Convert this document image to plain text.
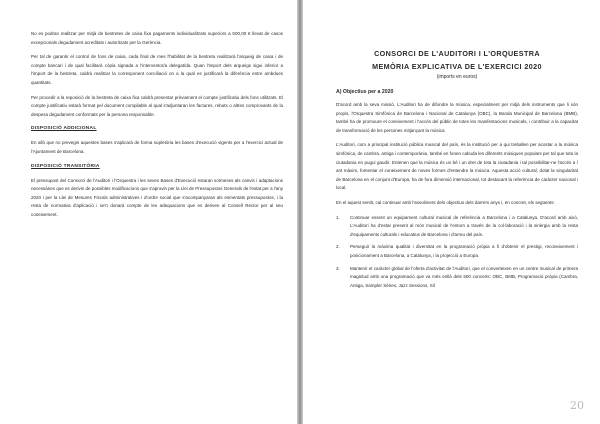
No es podran realitzar per mitjà de bestretes de caixa fixa pagaments individualitzats superiors a 500,00 € llevat de casos excepcionals degudament acreditats i autoritzats per la Gerència.

Per tal de garantir el control de fons de caixa, cada final de mes l'habilitat de la bestreta realitzarà l'arqueig de caixa i de compte bancari i de qual facilitarà còpia signada a l'interventor/a delegat/da. Quan l'import dels arqueigs sigui inferior a l'import de la bestreta, caldrà realitzar la corresponent conciliació on a la qual es justificarà la diferència entre ambdues quantitats.

Per procedir a la reposició de la bestreta de caixa fixa caldrà presentar prèviament el compte justificatiu dels fons utilitzats. El compte justificatiu estarà format pel document compilable al qual s'adjuntaran les factures, rebuts o altres comprovants de la despesa degudament conformats per la persona responsable.

DISPOSICIÓ ADDICIONAL

En allò que no prevegin aquestes bases s'aplicarà de forma supletòria les bases d'execució vigents per a l'exercici actual de l'Ajuntament de Barcelona.

DISPOSICIÓ TRANSITÒRIA

El pressupost del Consorci de l'Auditori i l'Orquestra i les seves Bases d'Execució estaran sotmeses als canvis i adaptacions necessàries que es derivin de possibles modificacions que s'aprovin per la Llei de Pressupostos Generals de l'estat per a l'any 2020 i per la Llei de Mesures Fiscals administratives i d'ordre social que s'acompanyaran als esmentats pressupostos, i la resta de normativa d'aplicació i se'n donarà compte de les adequacions que es deriven al Consell Rector per al seu coneixement.

CONSORCI DE L'AUDITORI I L'ORQUESTRA
MEMÒRIA EXPLICATIVA DE L'EXERCICI 2020
(imports en euros)
A) Objectius per a 2020

D'acord amb la seva missió, L'Auditori ha de difondre la música, especialment per mitjà dels instruments que li són propis, l'Orquestra Simfònica de Barcelona i Nacional de Catalunya (OBC), la Banda Municipal de Barcelona (BMB), també ha de promoure el coneixement i l'accés del públic de totes les manifestacions musicals, i contribuir a la capacitat de transformació de les persones mitjançant la música.

L'Auditori, com a principal institució pública musical del país, és la institució per a qui treballen per acostar a la música simfònica, de cambra, antiga i contemporània, també en fonen cabuda les diferents músiques populars per tal que tota la ciutadania en pugui gaudir. Entenen que la música és un bé i un dret de tota la ciutadania i tal possibilitar-ne l'accés a / ant màxim, fomentar el coneixement de noves formes d'entendre la música. Aquesta acció cultural, dotat la singularitat de Barcelona en el conjunt d'Europa, ha de fora dimensió internacional, tot destacant la referència de caràcter nacional i local.

En el aquest sentit, cal continuar amb l'assoliment dels objectius dels darrers anys i, en concret, els següents:

1.	Continuar essent un equipament cultural musical de referència a Barcelona i a Catalunya. D'acord amb això, L'Auditori ha d'estar present al món musical de l'entorn a través de la col·laboració i la sinèrgia amb la resta d'equipaments culturals i educatius de Barcelona i d'arreu del país.
2.	Perseguir la màxima qualitat i diversitat en la programació pròpia a fi d'obtenir el prestigi, reconeixement i posicionament a Barcelona, a Catalunya, i la projecció a Europa.
3.	Mantenir el caràcter global de l'oferta d'activitat de l'Auditori, que el converteixen en un centre musical de primera magnitud amb una programació que va més enllà dels 500 concerts: OBC, BMB, Programació pròpia (Cambra, Antiga, Sampler Sèries, Jazz Sessions, Sil
20
